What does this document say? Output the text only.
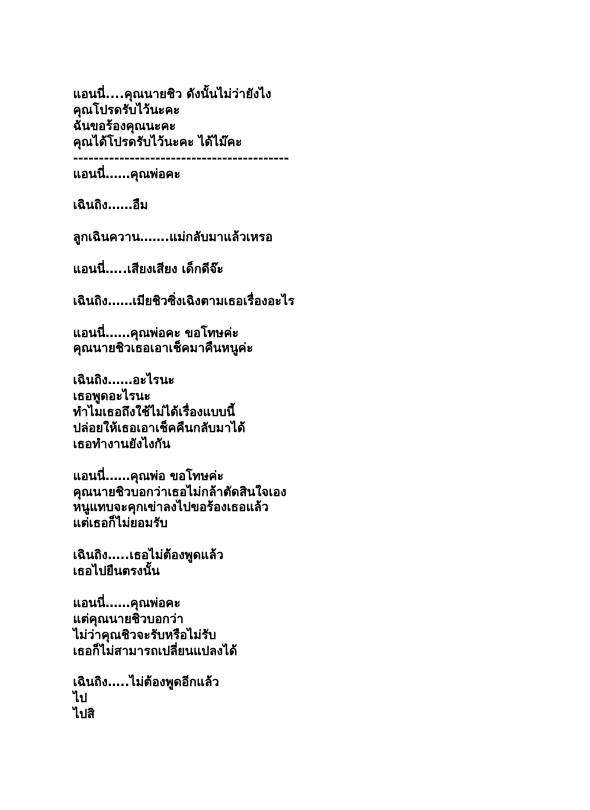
แอนนี่....คุณนายชิว ดังนั้นไม่ว่ายังไง
คุณโปรดรับไว้นะคะ
ฉันขอร้องคุณนะคะ
คุณได้โปรดรับไว้นะคะ ได้ไม๊คะ
------------------------------------------
แอนนี่……คุณพ่อคะ
เฉินถิง……อืม
ลูกเฉินควาน…….แม่กลับมาแล้วเหรอ
แอนนี่…..เสียงเสียง เด็กดีจ๊ะ
เฉินถิง……เมียชิวซิ่งเฉิงตามเธอเรื่องอะไร
แอนนี่……คุณพ่อคะ ขอโทษค่ะ
คุณนายชิวเธอเอาเช็คมาคืนหนูค่ะ
เฉินถิง……อะไรนะ
เธอพูดอะไรนะ
ทำไมเธอถึงใช้ไม่ได้เรื่องแบบนี้
ปล่อยให้เธอเอาเช็คคืนกลับมาได้
เธอทำงานยังไงกัน
แอนนี่……คุณพ่อ ขอโทษค่ะ
คุณนายชิวบอกว่าเธอไม่กล้าตัดสินใจเอง
หนูแทบจะคุกเข่าลงไปขอร้องเธอแล้ว
แต่เธอก็ไม่ยอมรับ
เฉินถิง…..เธอไม่ต้องพูดแล้ว
เธอไปยืนตรงนั้น
แอนนี่……คุณพ่อคะ
แต่คุณนายชิวบอกว่า
ไม่ว่าคุณชิวจะรับหรือไม่รับ
เธอก็ไม่สามารถเปลี่ยนแปลงได้
เฉินถิง…..ไม่ต้องพูดอีกแล้ว
ไป
ไปสิ
